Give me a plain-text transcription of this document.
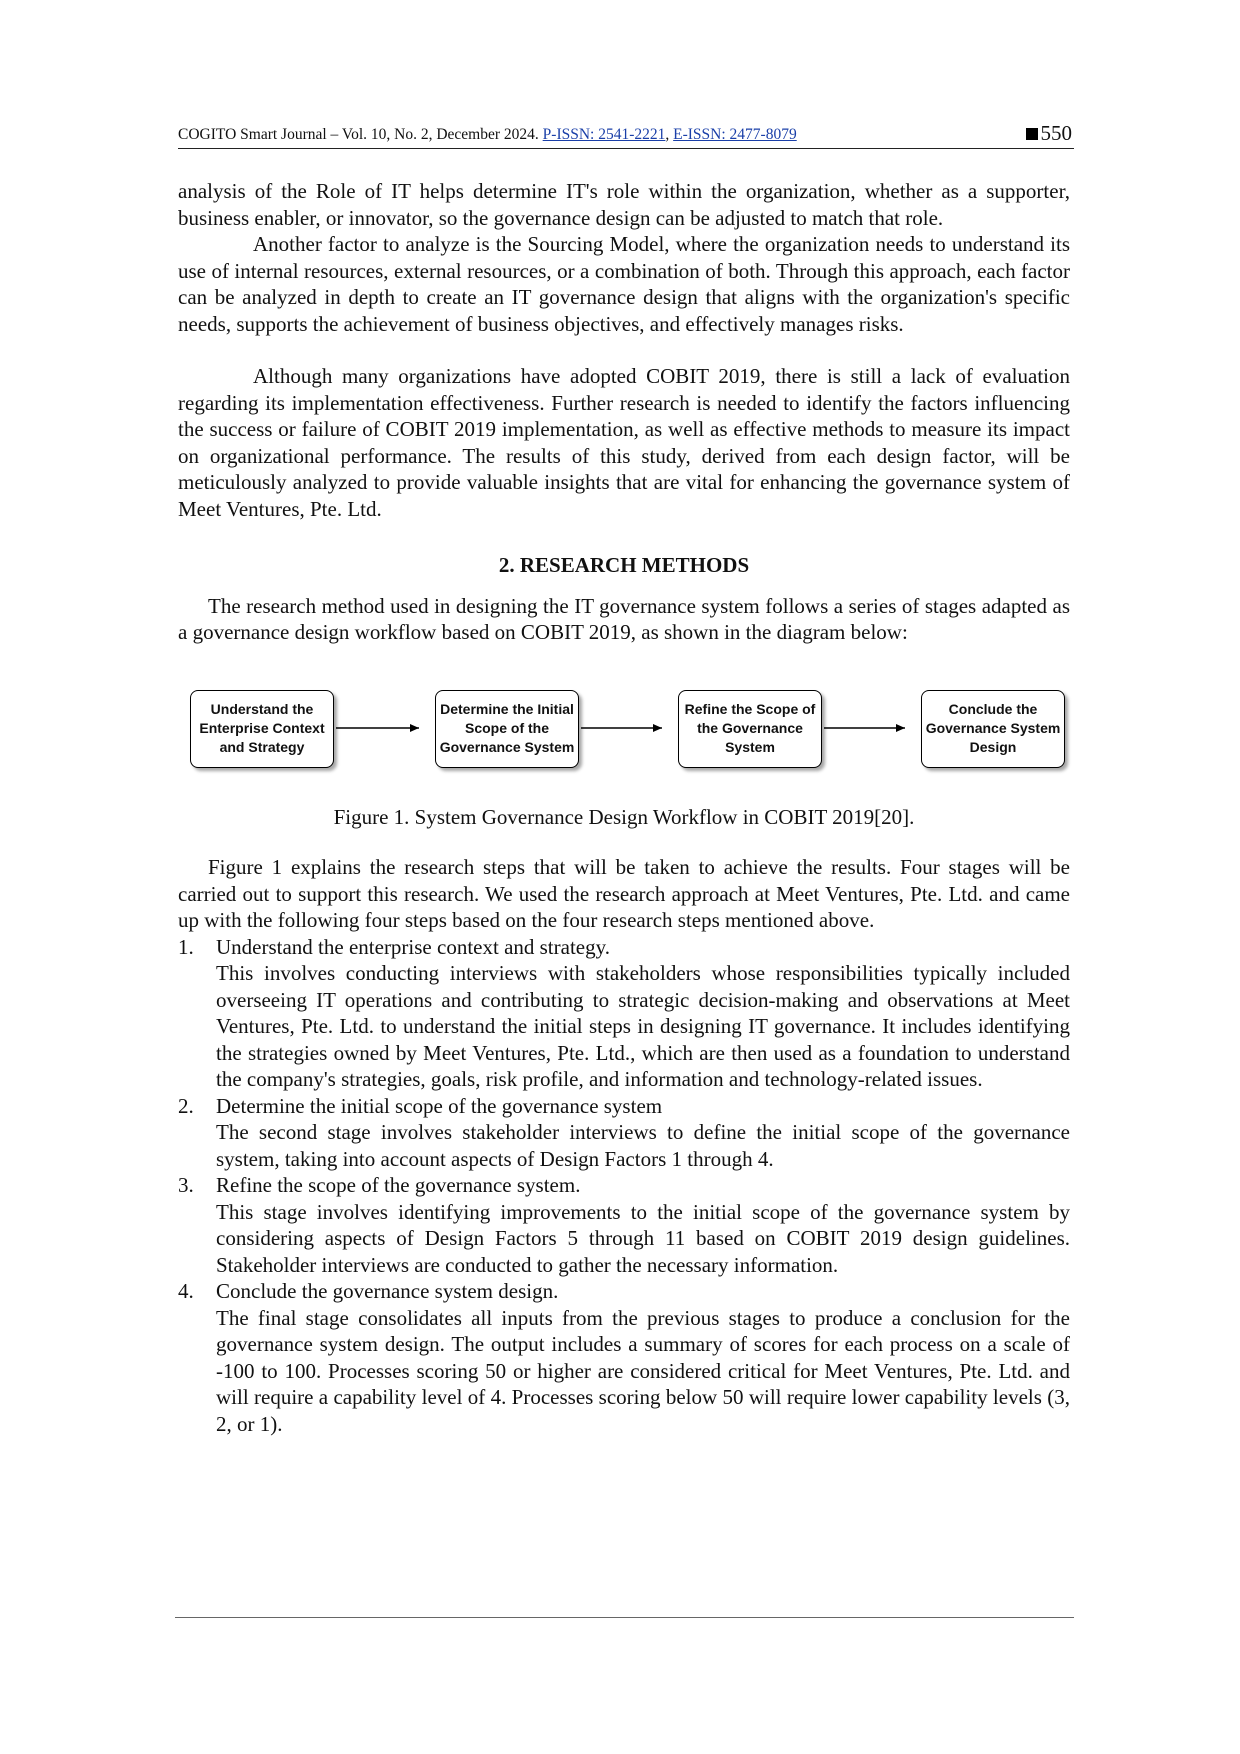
COGITO Smart Journal – Vol. 10, No. 2, December 2024. P-ISSN: 2541-2221, E-ISSN: 2477-8079	550

analysis of the Role of IT helps determine IT's role within the organization, whether as a supporter, business enabler, or innovator, so the governance design can be adjusted to match that role.

Another factor to analyze is the Sourcing Model, where the organization needs to understand its use of internal resources, external resources, or a combination of both. Through this approach, each factor can be analyzed in depth to create an IT governance design that aligns with the organization's specific needs, supports the achievement of business objectives, and effectively manages risks.

Although many organizations have adopted COBIT 2019, there is still a lack of evaluation regarding its implementation effectiveness. Further research is needed to identify the factors influencing the success or failure of COBIT 2019 implementation, as well as effective methods to measure its impact on organizational performance. The results of this study, derived from each design factor, will be meticulously analyzed to provide valuable insights that are vital for enhancing the governance system of Meet Ventures, Pte. Ltd.

2. RESEARCH METHODS

The research method used in designing the IT governance system follows a series of stages adapted as a governance design workflow based on COBIT 2019, as shown in the diagram below:

Understand the Enterprise Context and Strategy
Determine the Initial Scope of the Governance System
Refine the Scope of the Governance System
Conclude the Governance System Design
Figure 1. System Governance Design Workflow in COBIT 2019[20].

Figure 1 explains the research steps that will be taken to achieve the results. Four stages will be carried out to support this research. We used the research approach at Meet Ventures, Pte. Ltd. and came up with the following four steps based on the four research steps mentioned above.

1. Understand the enterprise context and strategy.
This involves conducting interviews with stakeholders whose responsibilities typically included overseeing IT operations and contributing to strategic decision-making and observations at Meet Ventures, Pte. Ltd. to understand the initial steps in designing IT governance. It includes identifying the strategies owned by Meet Ventures, Pte. Ltd., which are then used as a foundation to understand the company's strategies, goals, risk profile, and information and technology-related issues.
2. Determine the initial scope of the governance system
The second stage involves stakeholder interviews to define the initial scope of the governance system, taking into account aspects of Design Factors 1 through 4.
3. Refine the scope of the governance system.
This stage involves identifying improvements to the initial scope of the governance system by considering aspects of Design Factors 5 through 11 based on COBIT 2019 design guidelines. Stakeholder interviews are conducted to gather the necessary information.
4. Conclude the governance system design.
The final stage consolidates all inputs from the previous stages to produce a conclusion for the governance system design. The output includes a summary of scores for each process on a scale of -100 to 100. Processes scoring 50 or higher are considered critical for Meet Ventures, Pte. Ltd. and will require a capability level of 4. Processes scoring below 50 will require lower capability levels (3, 2, or 1).
